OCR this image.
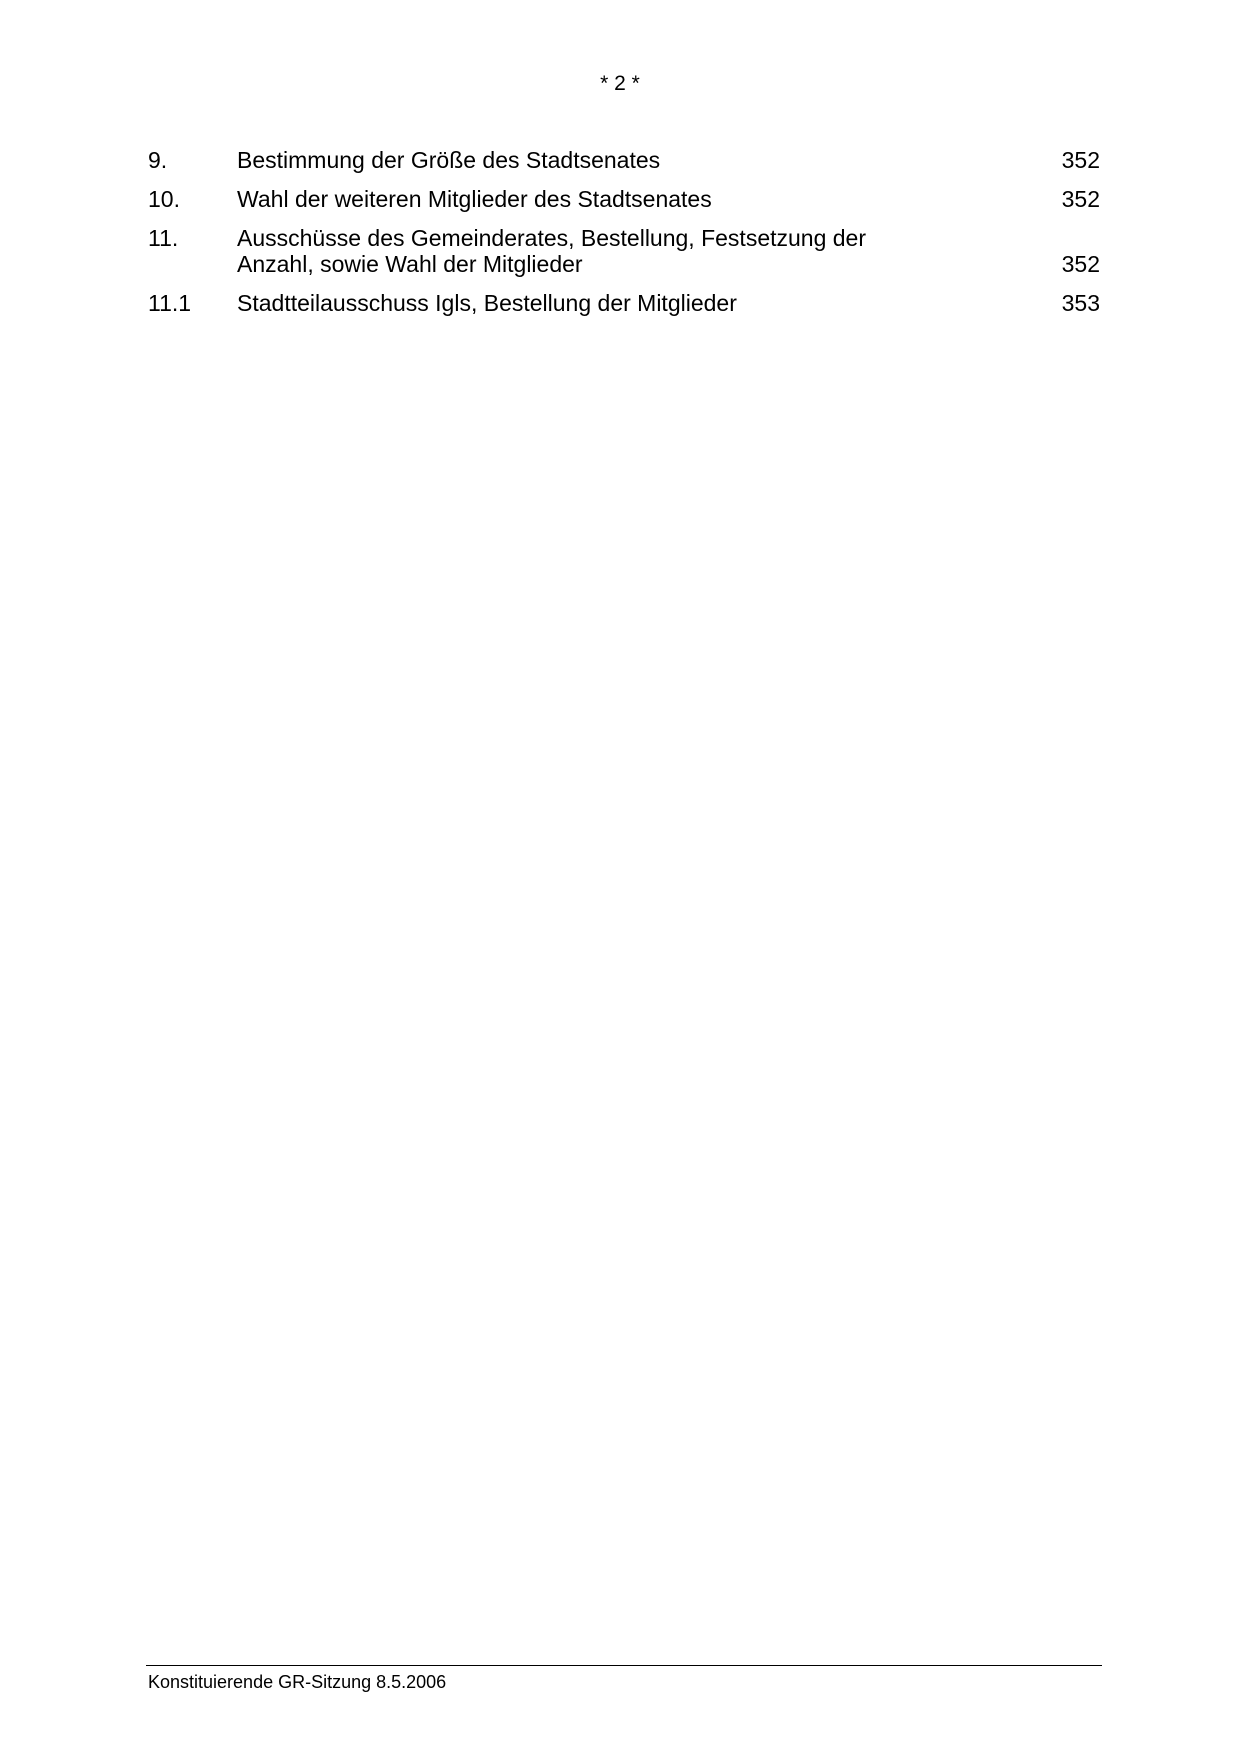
* 2 *
9.	Bestimmung der Größe des Stadtsenates	352
10.	Wahl der weiteren Mitglieder des Stadtsenates	352
11.	Ausschüsse des Gemeinderates, Bestellung, Festsetzung der
Anzahl, sowie Wahl der Mitglieder	352
11.1	Stadtteilausschuss Igls, Bestellung der Mitglieder	353
Konstituierende GR-Sitzung 8.5.2006
